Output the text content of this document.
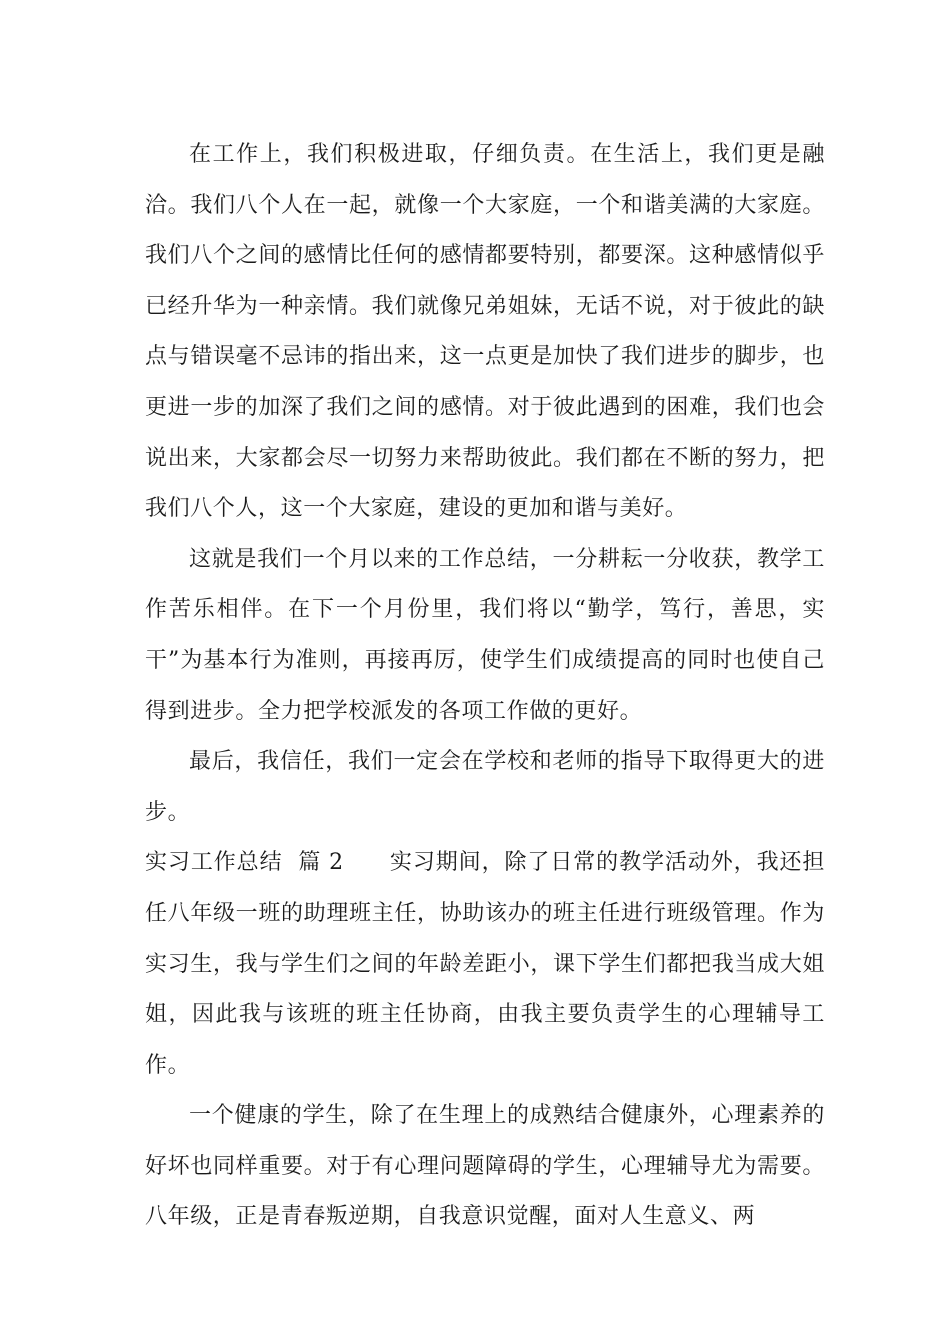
在工作上，我们积极进取，仔细负责。在生活上，我们更是融洽。我们八个人在一起，就像一个大家庭，一个和谐美满的大家庭。我们八个之间的感情比任何的感情都要特别，都要深。这种感情似乎已经升华为一种亲情。我们就像兄弟姐妹，无话不说，对于彼此的缺点与错误毫不忌讳的指出来，这一点更是加快了我们进步的脚步，也更进一步的加深了我们之间的感情。对于彼此遇到的困难，我们也会说出来，大家都会尽一切努力来帮助彼此。我们都在不断的努力，把我们八个人，这一个大家庭，建设的更加和谐与美好。

这就是我们一个月以来的工作总结，一分耕耘一分收获，教学工作苦乐相伴。在下一个月份里，我们将以“勤学，笃行，善思，实干”为基本行为准则，再接再厉，使学生们成绩提高的同时也使自己得到进步。全力把学校派发的各项工作做的更好。

最后，我信任，我们一定会在学校和老师的指导下取得更大的进步。

实习工作总结  篇 2　　 实习期间，除了日常的教学活动外，我还担任八年级一班的助理班主任，协助该办的班主任进行班级管理。作为实习生，我与学生们之间的年龄差距小，课下学生们都把我当成大姐姐，因此我与该班的班主任协商，由我主要负责学生的心理辅导工作。

一个健康的学生，除了在生理上的成熟结合健康外，心理素养的好坏也同样重要。对于有心理问题障碍的学生，心理辅导尤为需要。八年级，正是青春叛逆期，自我意识觉醒，面对人生意义、两
